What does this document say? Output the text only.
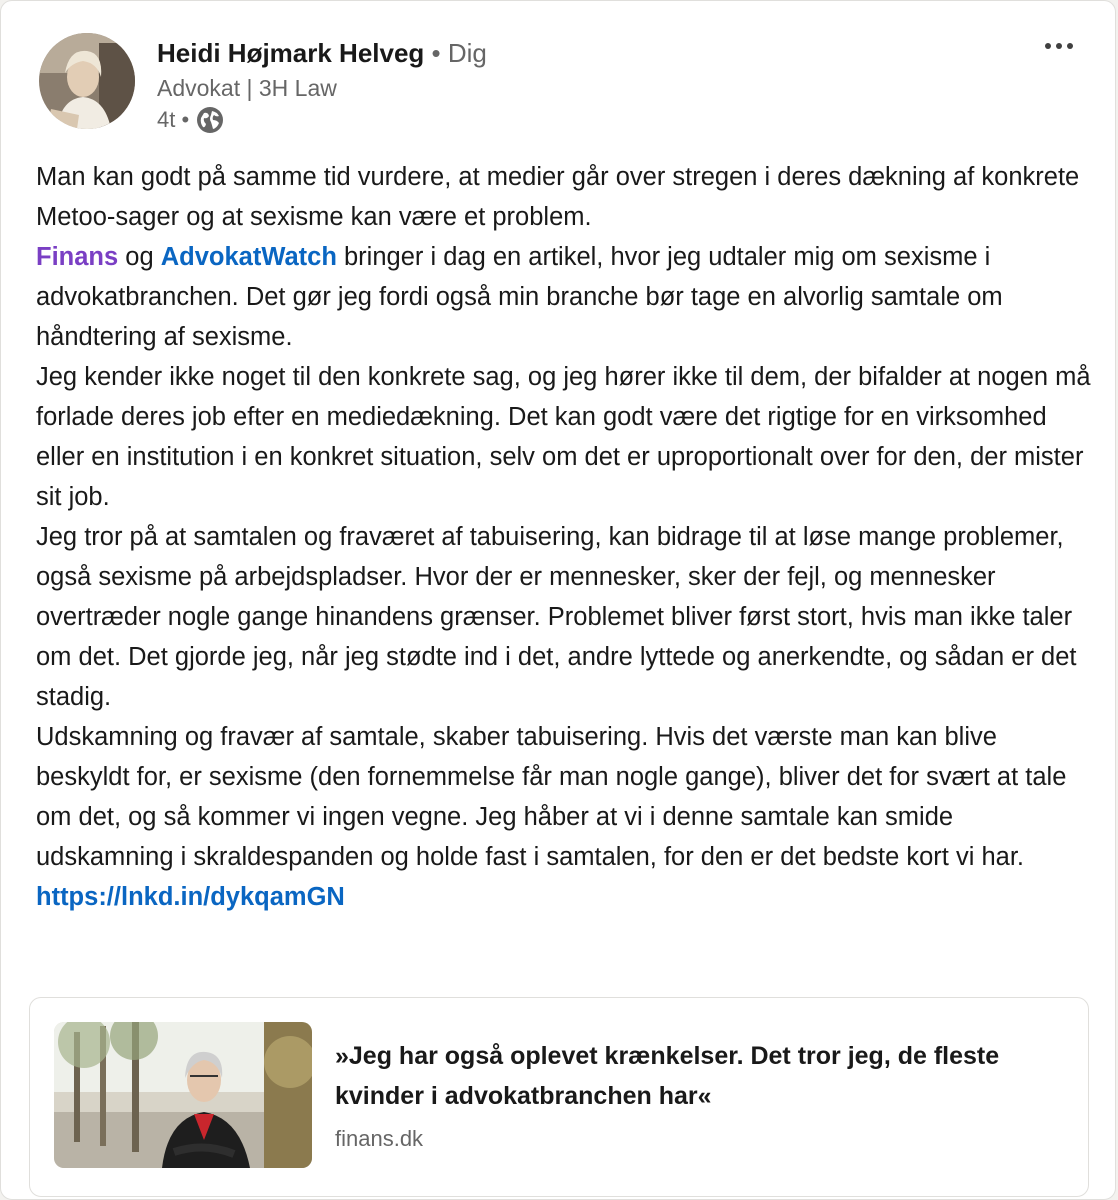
Heidi Højmark Helveg • Dig
Advokat | 3H Law
4t •

Man kan godt på samme tid vurdere, at medier går over stregen i deres dækning af konkrete Metoo-sager og at sexisme kan være et problem.

Finans og AdvokatWatch bringer i dag en artikel, hvor jeg udtaler mig om sexisme i advokatbranchen. Det gør jeg fordi også min branche bør tage en alvorlig samtale om håndtering af sexisme.

Jeg kender ikke noget til den konkrete sag, og jeg hører ikke til dem, der bifalder at nogen må forlade deres job efter en mediedækning. Det kan godt være det rigtige for en virksomhed eller en institution i en konkret situation, selv om det er uproportionalt over for den, der mister sit job.

Jeg tror på at samtalen og fraværet af tabuisering, kan bidrage til at løse mange problemer, også sexisme på arbejdspladser. Hvor der er mennesker, sker der fejl, og mennesker overtræder nogle gange hinandens grænser. Problemet bliver først stort, hvis man ikke taler om det. Det gjorde jeg, når jeg stødte ind i det, andre lyttede og anerkendte, og sådan er det stadig.

Udskamning og fravær af samtale, skaber tabuisering. Hvis det værste man kan blive beskyldt for, er sexisme (den fornemmelse får man nogle gange), bliver det for svært at tale om det, og så kommer vi ingen vegne. Jeg håber at vi i denne samtale kan smide udskamning i skraldespanden og holde fast i samtalen, for den er det bedste kort vi har.

https://lnkd.in/dykqamGN

»Jeg har også oplevet krænkelser. Det tror jeg, de fleste kvinder i advokatbranchen har«
finans.dk
